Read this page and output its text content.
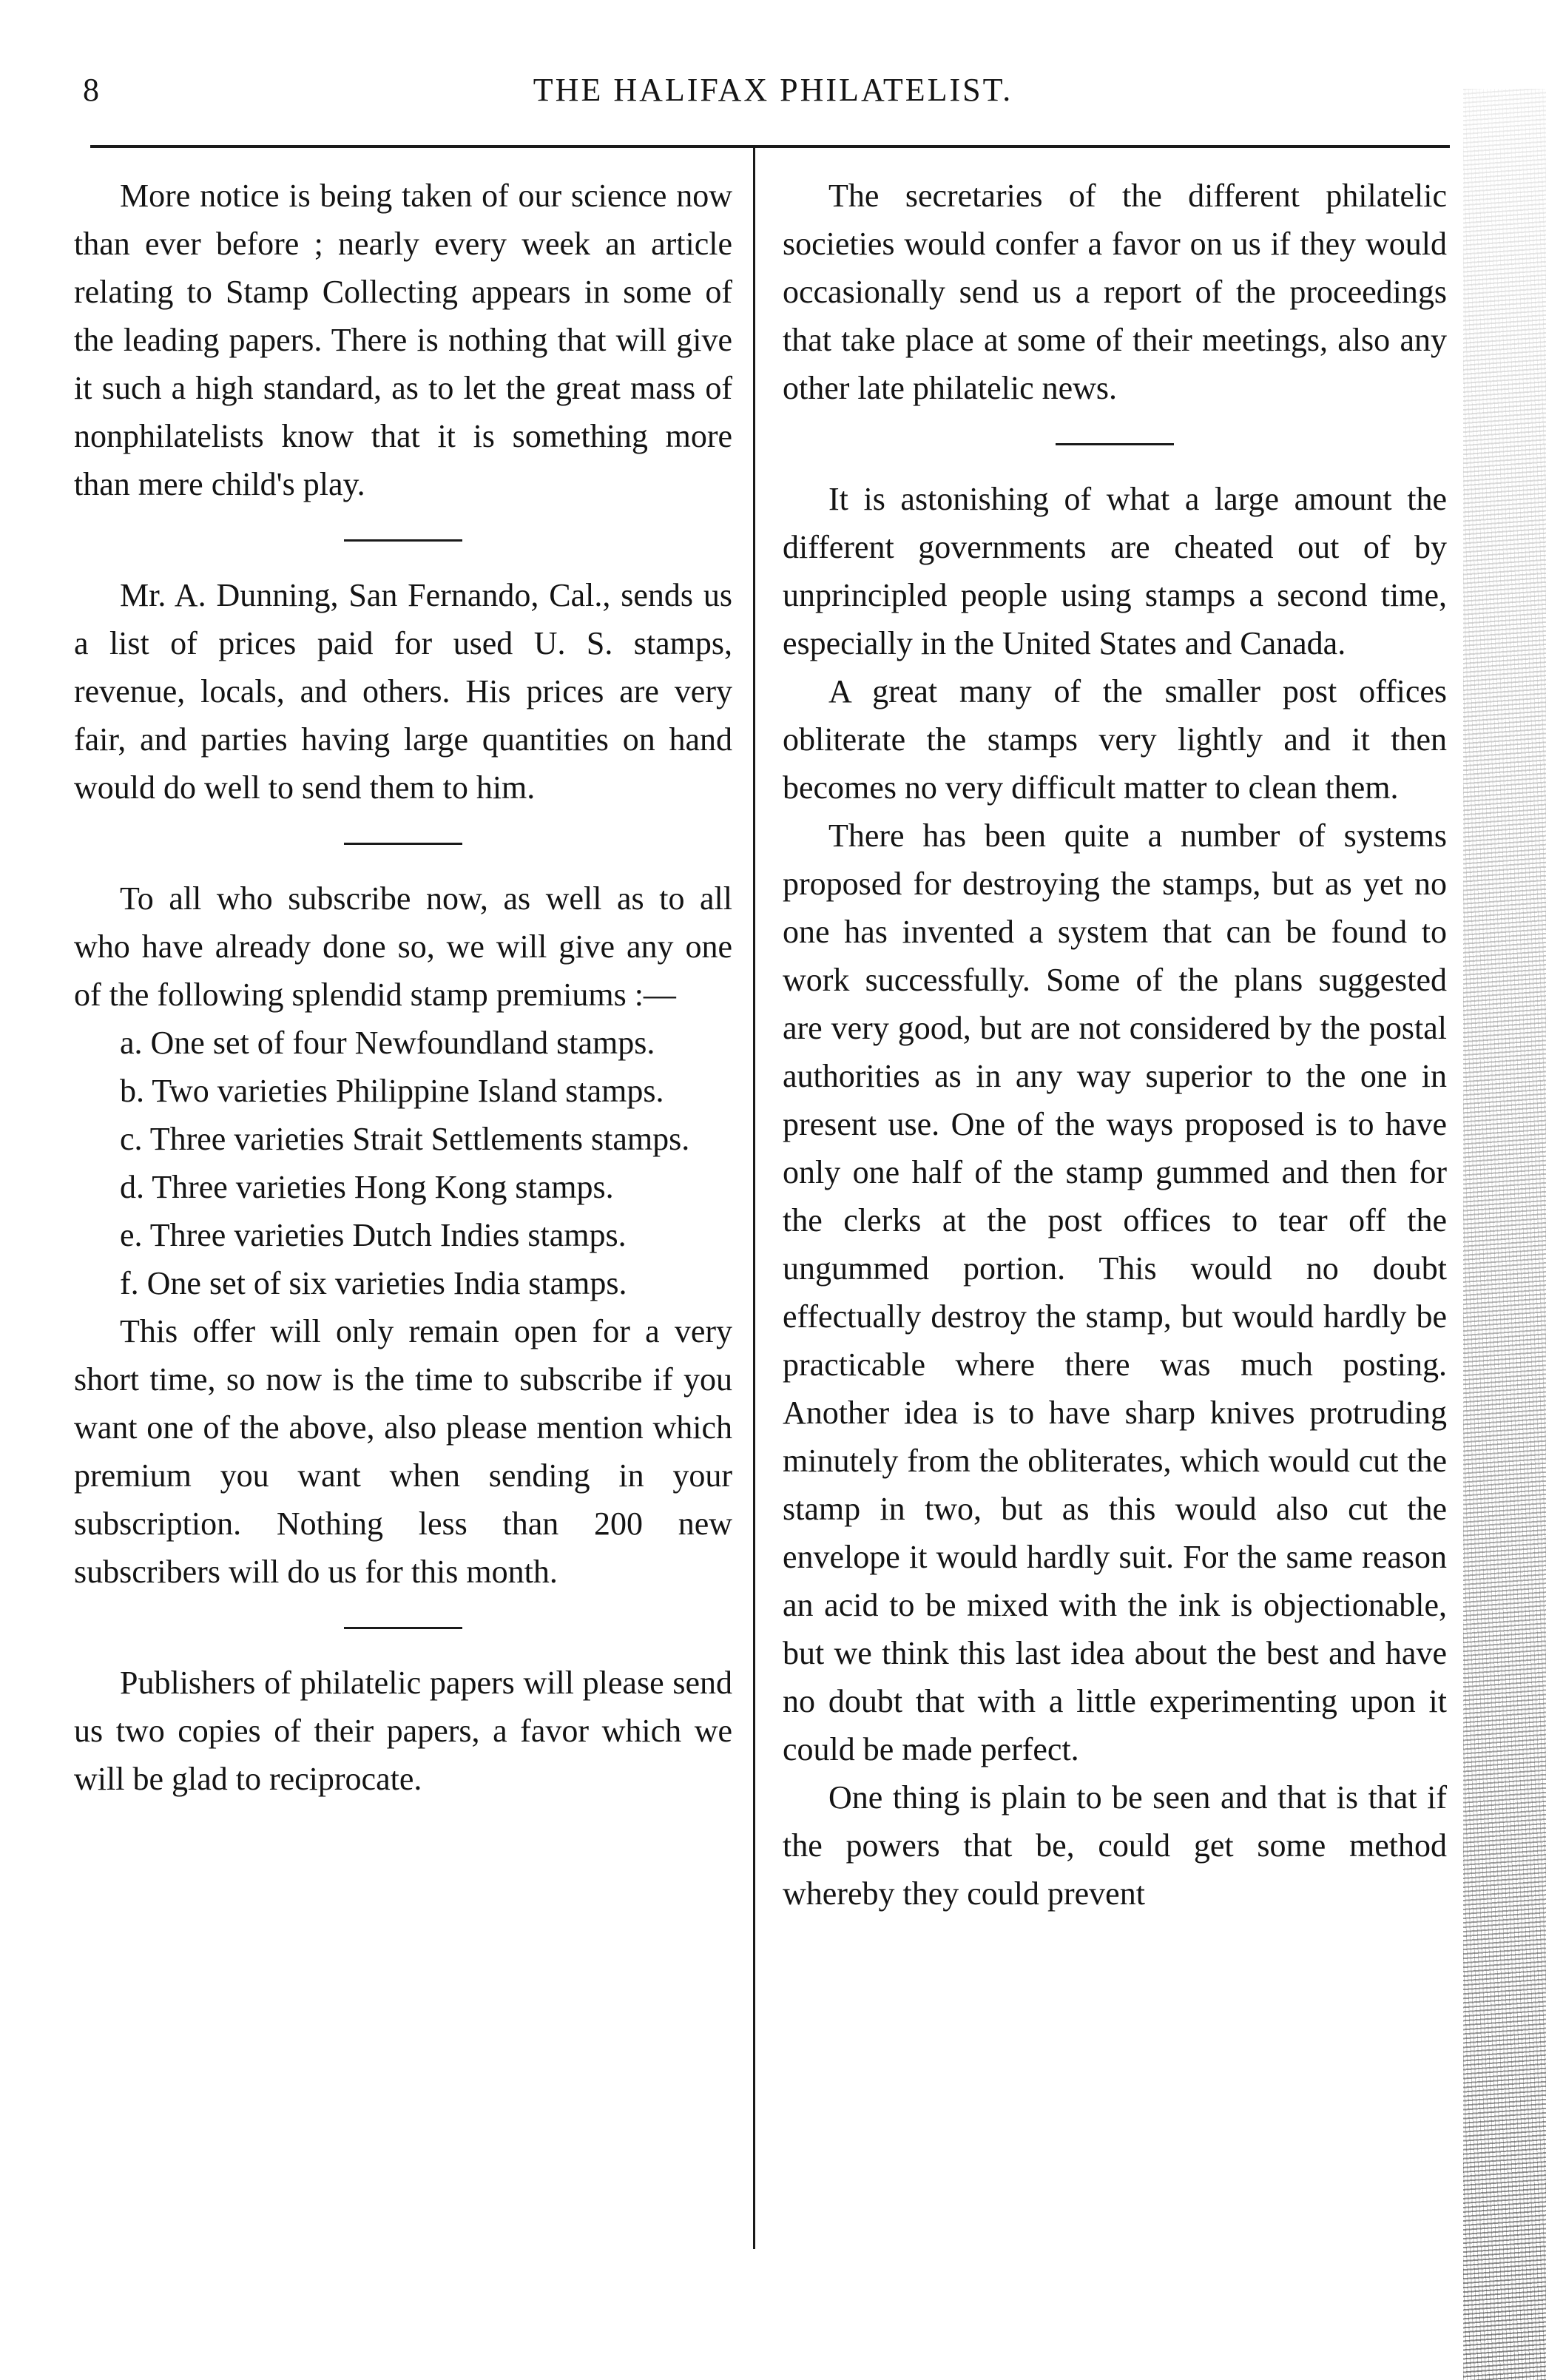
8	THE HALIFAX PHILATELIST.

More notice is being taken of our science now than ever before ; nearly every week an article relating to Stamp Collecting appears in some of the leading papers. There is nothing that will give it such a high standard, as to let the great mass of nonphilatelists know that it is something more than mere child's play.

Mr. A. Dunning, San Fernando, Cal., sends us a list of prices paid for used U. S. stamps, revenue, locals, and others. His prices are very fair, and parties having large quantities on hand would do well to send them to him.

To all who subscribe now, as well as to all who have already done so, we will give any one of the following splendid stamp premiums :—

a. One set of four Newfoundland stamps.

b. Two varieties Philippine Island stamps.

c. Three varieties Strait Settlements stamps.

d. Three varieties Hong Kong stamps.

e. Three varieties Dutch Indies stamps.

f. One set of six varieties India stamps.

This offer will only remain open for a very short time, so now is the time to subscribe if you want one of the above, also please mention which premium you want when sending in your subscription. Nothing less than 200 new subscribers will do us for this month.

Publishers of philatelic papers will please send us two copies of their papers, a favor which we will be glad to reciprocate.

The secretaries of the different philatelic societies would confer a favor on us if they would occasionally send us a report of the proceedings that take place at some of their meetings, also any other late philatelic news.

It is astonishing of what a large amount the different governments are cheated out of by unprincipled people using stamps a second time, especially in the United States and Canada.

A great many of the smaller post offices obliterate the stamps very lightly and it then becomes no very difficult matter to clean them.

There has been quite a number of systems proposed for destroying the stamps, but as yet no one has invented a system that can be found to work successfully. Some of the plans suggested are very good, but are not considered by the postal authorities as in any way superior to the one in present use. One of the ways proposed is to have only one half of the stamp gummed and then for the clerks at the post offices to tear off the ungummed portion. This would no doubt effectually destroy the stamp, but would hardly be practicable where there was much posting. Another idea is to have sharp knives protruding minutely from the obliterates, which would cut the stamp in two, but as this would also cut the envelope it would hardly suit. For the same reason an acid to be mixed with the ink is objectionable, but we think this last idea about the best and have no doubt that with a little experimenting upon it could be made perfect.

One thing is plain to be seen and that is that if the powers that be, could get some method whereby they could prevent
